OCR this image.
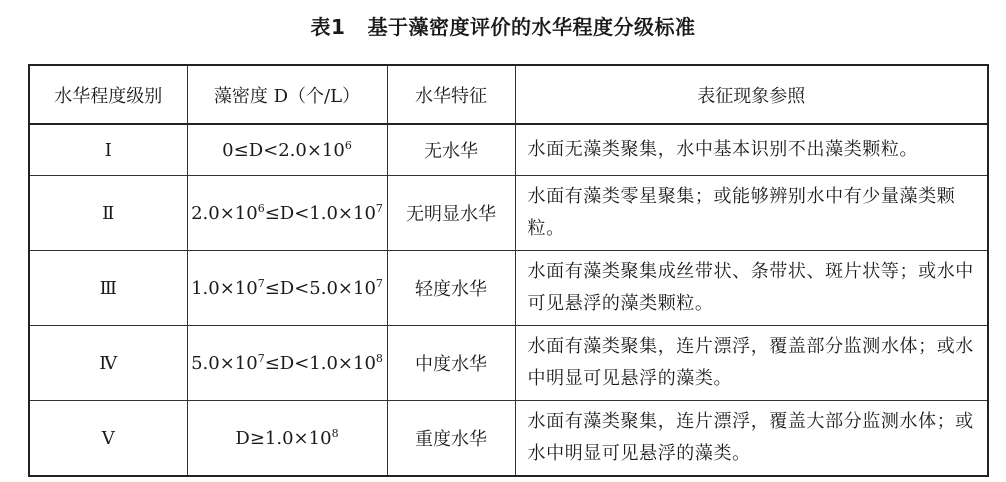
表1 基于藻密度评价的水华程度分级标准
水华程度级别	藻密度 D（个/L）	水华特征	表征现象参照
Ⅰ	$0\le D<2.0\times 10^6$	无水华	水面无藻类聚集，水中基本识别不出藻类颗粒。
Ⅱ	$2.0\times 10^6\le D<1.0\times 10^7$	无明显水华	水面有藻类零星聚集；或能够辨别水中有少量藻类颗粒。
Ⅲ	$1.0\times 10^7\le D<5.0\times 10^7$	轻度水华	水面有藻类聚集成丝带状、条带状、斑片状等；或水中可见悬浮的藻类颗粒。
Ⅳ	$5.0\times 10^7\le D<1.0\times 10^8$	中度水华	水面有藻类聚集，连片漂浮，覆盖部分监测水体；或水中明显可见悬浮的藻类。
Ⅴ	$D\ge 1.0\times 10^8$	重度水华	水面有藻类聚集，连片漂浮，覆盖大部分监测水体；或水中明显可见悬浮的藻类。
